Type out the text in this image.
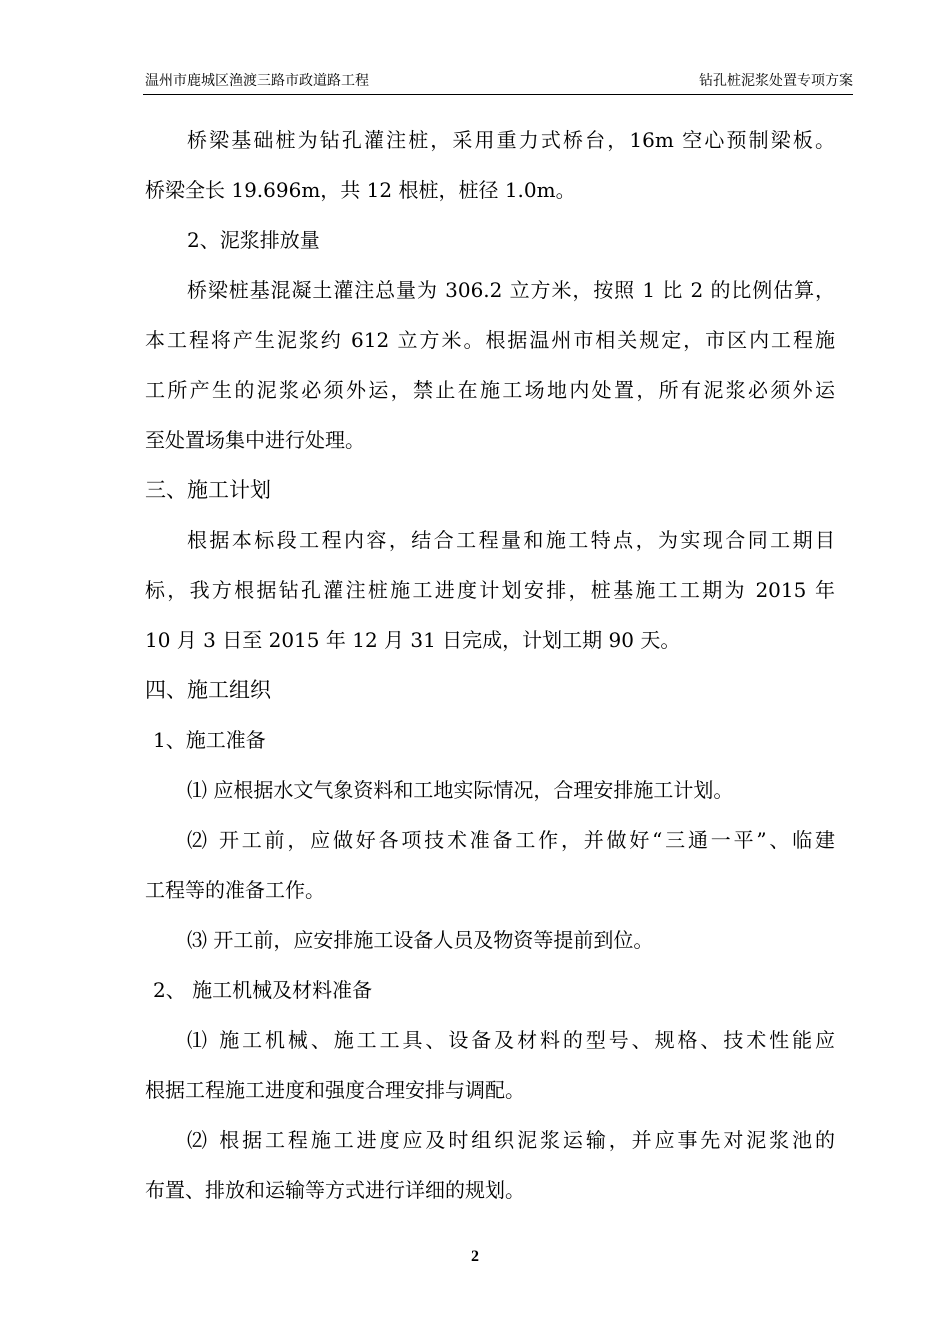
温州市鹿城区渔渡三路市政道路工程	钻孔桩泥浆处置专项方案
桥梁基础桩为钻孔灌注桩，采用重力式桥台，16m 空心预制梁板。
桥梁全长 19.696m，共 12 根桩，桩径 1.0m。
2、泥浆排放量
桥梁桩基混凝土灌注总量为 306.2 立方米，按照 1 比 2 的比例估算，
本工程将产生泥浆约 612 立方米。根据温州市相关规定，市区内工程施
工所产生的泥浆必须外运，禁止在施工场地内处置，所有泥浆必须外运
至处置场集中进行处理。
三、施工计划
根据本标段工程内容，结合工程量和施工特点，为实现合同工期目
标，我方根据钻孔灌注桩施工进度计划安排，桩基施工工期为 2015 年
10 月 3 日至 2015 年 12 月 31 日完成，计划工期 90 天。
四、施工组织
1、施工准备
⑴ 应根据水文气象资料和工地实际情况，合理安排施工计划。
⑵ 开工前，应做好各项技术准备工作，并做好“三通一平”、临建
工程等的准备工作。
⑶ 开工前，应安排施工设备人员及物资等提前到位。
2、 施工机械及材料准备
⑴ 施工机械、施工工具、设备及材料的型号、规格、技术性能应
根据工程施工进度和强度合理安排与调配。
⑵ 根据工程施工进度应及时组织泥浆运输，并应事先对泥浆池的
布置、排放和运输等方式进行详细的规划。
2
